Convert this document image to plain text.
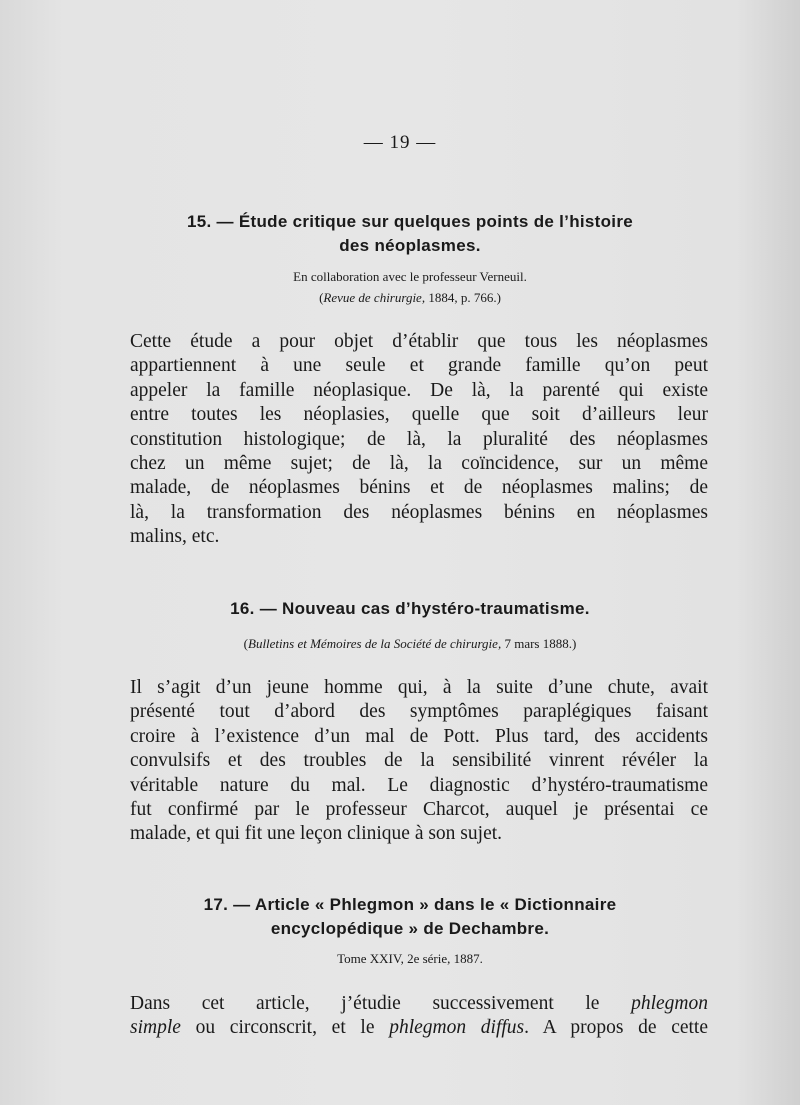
— 19 —
15. — Étude critique sur quelques points de l’histoire
des néoplasmes.
En collaboration avec le professeur Verneuil.
(Revue de chirurgie, 1884, p. 766.)
Cette étude a pour objet d’établir que tous les néoplasmes
appartiennent à une seule et grande famille qu’on peut
appeler la famille néoplasique. De là, la parenté qui existe
entre toutes les néoplasies, quelle que soit d’ailleurs leur
constitution histologique; de là, la pluralité des néoplasmes
chez un même sujet; de là, la coïncidence, sur un même
malade, de néoplasmes bénins et de néoplasmes malins; de
là, la transformation des néoplasmes bénins en néoplasmes
malins, etc.
16. — Nouveau cas d’hystéro-traumatisme.
(Bulletins et Mémoires de la Société de chirurgie, 7 mars 1888.)
Il s’agit d’un jeune homme qui, à la suite d’une chute, avait
présenté tout d’abord des symptômes paraplégiques faisant
croire à l’existence d’un mal de Pott. Plus tard, des accidents
convulsifs et des troubles de la sensibilité vinrent révéler la
véritable nature du mal. Le diagnostic d’hystéro-traumatisme
fut confirmé par le professeur Charcot, auquel je présentai ce
malade, et qui fit une leçon clinique à son sujet.
17. — Article « Phlegmon » dans le « Dictionnaire
encyclopédique » de Dechambre.
Tome XXIV, 2e série, 1887.
Dans cet article, j’étudie successivement le phlegmon
simple ou circonscrit, et le phlegmon diffus. A propos de cette
